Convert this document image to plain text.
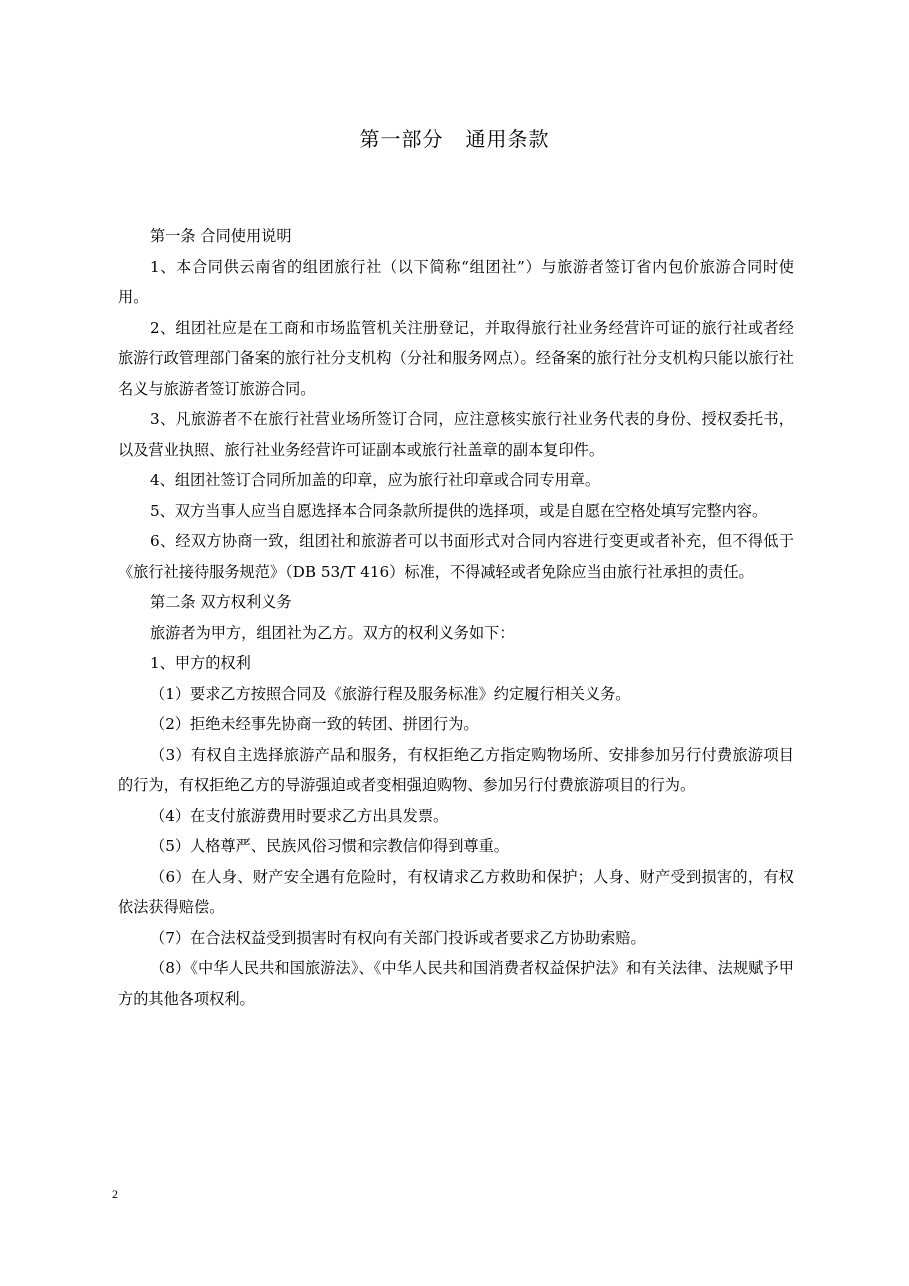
第一部分   通用条款

第一条 合同使用说明

1、本合同供云南省的组团旅行社（以下简称“组团社”）与旅游者签订省内包价旅游合同时使用。

2、组团社应是在工商和市场监管机关注册登记，并取得旅行社业务经营许可证的旅行社或者经旅游行政管理部门备案的旅行社分支机构（分社和服务网点）。经备案的旅行社分支机构只能以旅行社名义与旅游者签订旅游合同。

3、凡旅游者不在旅行社营业场所签订合同，应注意核实旅行社业务代表的身份、授权委托书，以及营业执照、旅行社业务经营许可证副本或旅行社盖章的副本复印件。

4、组团社签订合同所加盖的印章，应为旅行社印章或合同专用章。

5、双方当事人应当自愿选择本合同条款所提供的选择项，或是自愿在空格处填写完整内容。

6、经双方协商一致，组团社和旅游者可以书面形式对合同内容进行变更或者补充，但不得低于《旅行社接待服务规范》（DB 53/T 416）标准，不得减轻或者免除应当由旅行社承担的责任。

第二条 双方权利义务

旅游者为甲方，组团社为乙方。双方的权利义务如下：

1、甲方的权利

（1）要求乙方按照合同及《旅游行程及服务标准》约定履行相关义务。

（2）拒绝未经事先协商一致的转团、拼团行为。

（3）有权自主选择旅游产品和服务，有权拒绝乙方指定购物场所、安排参加另行付费旅游项目的行为，有权拒绝乙方的导游强迫或者变相强迫购物、参加另行付费旅游项目的行为。

（4）在支付旅游费用时要求乙方出具发票。

（5）人格尊严、民族风俗习惯和宗教信仰得到尊重。

（6）在人身、财产安全遇有危险时，有权请求乙方救助和保护；人身、财产受到损害的，有权依法获得赔偿。

（7）在合法权益受到损害时有权向有关部门投诉或者要求乙方协助索赔。

（8）《中华人民共和国旅游法》、《中华人民共和国消费者权益保护法》和有关法律、法规赋予甲方的其他各项权利。

2
